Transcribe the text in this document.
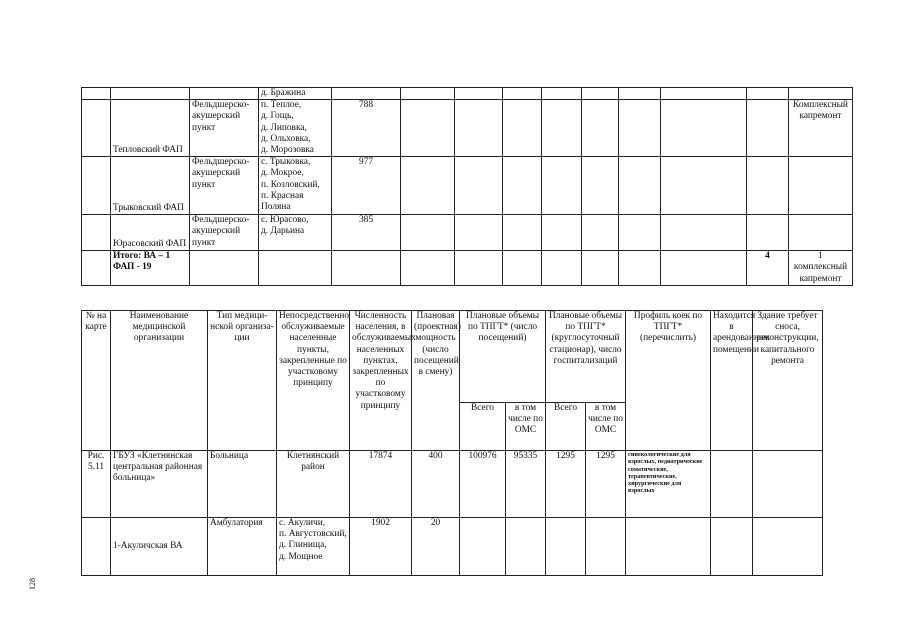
			д. Бражина										
	Тепловский ФАП	Фельдшерско-акушерский пункт	п. Теплое,
д. Гощь,
д. Липовка,
д. Ольховка,
д. Морозовка	788									Комплексный капремонт
	Трыковский ФАП	Фельдшерско-акушерский пункт	с. Трыковка,
д. Мокрое,
п. Козловский,
п. Красная Поляна	977									
	Юрасовский ФАП	Фельдшерско-акушерский пункт	с. Юрасово,
д. Дарьина	385									
	Итого: ВА – 1
ФАП - 19											4	1
комплексный капремонт
№ на карте	Наименование медицинской организации	Тип медици-нской организа-ции	Непосредственно обслуживаемые населенные пункты, закрепленные по участковому принципу	Численность населения, в обслуживаемых населенных пунктах, закрепленных по участковому принципу	Плановая (проектная) мощность (число посещений в смену)	Плановые объемы по ТПГТ* (число посещений)		Плановые объемы по ТПГТ* (круглосуточный стационар), число госпитализаций		Профиль коек по ТПГТ* (перечислить)	Находится в арендованном помещении	Здание требует сноса, реконструкции, капитального ремонта
						Всего	в том числе по ОМС	Всего	в том числе по ОМС			
Рис. 5.11	ГБУЗ «Клетнянская центральная районная больница»	Больница	Клетнянский район	17874	400	100976	95335	1295	1295	гинекологические для взрослых, педиатрические соматические, терапевтические, хирургические для взрослых		
	1-Акуличская ВА	Амбулатория	с. Акуличи,
п. Августовский,
д. Глинища,
д. Мощное	1902	20							
128
